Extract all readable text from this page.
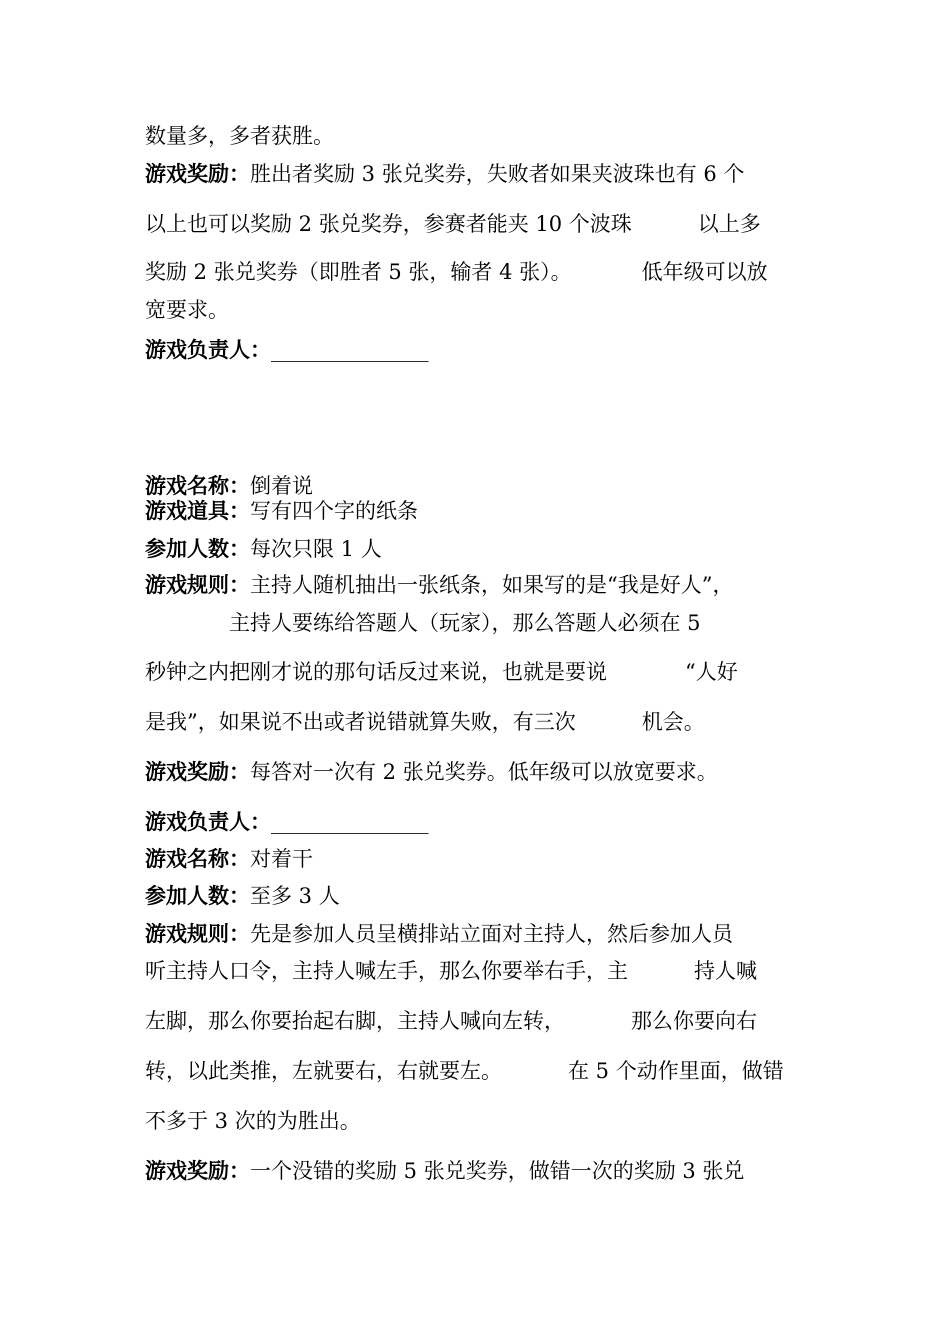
数量多，多者获胜。
游戏奖励：胜出者奖励 3 张兑奖券，失败者如果夹波珠也有 6 个
以上也可以奖励 2 张兑奖券，参赛者能夹 10 个波珠	以上多
奖励 2 张兑奖券（即胜者 5 张，输者 4 张）。	低年级可以放
宽要求。
游戏负责人：_______________
游戏名称：倒着说
游戏道具：写有四个字的纸条
参加人数：每次只限 1 人
游戏规则：主持人随机抽出一张纸条，如果写的是“我是好人”，
主持人要练给答题人（玩家），那么答题人必须在 5
秒钟之内把刚才说的那句话反过来说，也就是要说	“人好
是我”，如果说不出或者说错就算失败，有三次	机会。
游戏奖励：每答对一次有 2 张兑奖券。低年级可以放宽要求。
游戏负责人：_______________
游戏名称：对着干
参加人数：至多 3 人
游戏规则：先是参加人员呈横排站立面对主持人，然后参加人员
听主持人口令，主持人喊左手，那么你要举右手，主	持人喊
左脚，那么你要抬起右脚，主持人喊向左转，	那么你要向右
转，以此类推，左就要右，右就要左。	在 5 个动作里面，做错
不多于 3 次的为胜出。
游戏奖励：一个没错的奖励 5 张兑奖券，做错一次的奖励 3 张兑
